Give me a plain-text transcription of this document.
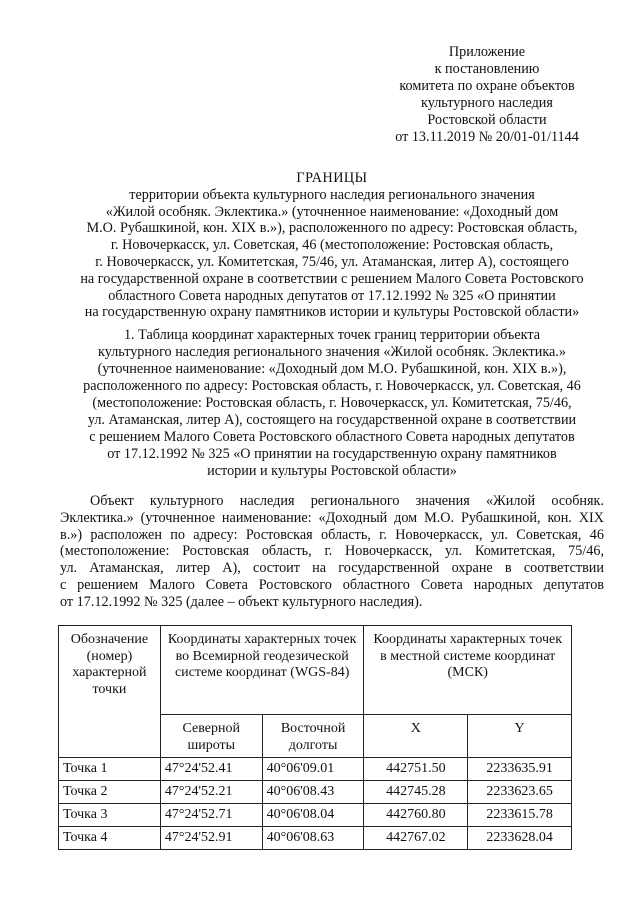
Приложение
к постановлению
комитета по охране объектов
культурного наследия
Ростовской области
от 13.11.2019 № 20/01-01/1144
ГРАНИЦЫ
территории объекта культурного наследия регионального значения
«Жилой особняк. Эклектика.» (уточненное наименование: «Доходный дом
М.О. Рубашкиной, кон. XIX в.»), расположенного по адресу: Ростовская область,
г. Новочеркасск, ул. Советская, 46 (местоположение: Ростовская область,
г. Новочеркасск, ул. Комитетская, 75/46, ул. Атаманская, литер А), состоящего
на государственной охране в соответствии с решением Малого Совета Ростовского
областного Совета народных депутатов от 17.12.1992 № 325 «О принятии
на государственную охрану памятников истории и культуры Ростовской области»
1. Таблица координат характерных точек границ территории объекта
культурного наследия регионального значения «Жилой особняк. Эклектика.»
(уточненное наименование: «Доходный дом М.О. Рубашкиной, кон. XIX в.»),
расположенного по адресу: Ростовская область, г. Новочеркасск, ул. Советская, 46
(местоположение: Ростовская область, г. Новочеркасск, ул. Комитетская, 75/46,
ул. Атаманская, литер А), состоящего на государственной охране в соответствии
с решением Малого Совета Ростовского областного Совета народных депутатов
от 17.12.1992 № 325 «О принятии на государственную охрану памятников
истории и культуры Ростовской области»
Объект культурного наследия регионального значения «Жилой особняк.
Эклектика.» (уточненное наименование: «Доходный дом М.О. Рубашкиной, кон. XIX
в.») расположен по адресу: Ростовская область, г. Новочеркасск, ул. Советская, 46
(местоположение: Ростовская область, г. Новочеркасск, ул. Комитетская, 75/46,
ул. Атаманская, литер А), состоит на государственной охране в соответствии
с решением Малого Совета Ростовского областного Совета народных депутатов
от 17.12.1992 № 325 (далее – объект культурного наследия).
Обозначение (номер) характерной точки	Координаты характерных точек во Всемирной геодезической системе координат (WGS-84)		Координаты характерных точек в местной системе координат (МСК)	
	Северной широты	Восточной долготы	X	Y
Точка 1	47°24'52.41	40°06'09.01	442751.50	2233635.91
Точка 2	47°24'52.21	40°06'08.43	442745.28	2233623.65
Точка 3	47°24'52.71	40°06'08.04	442760.80	2233615.78
Точка 4	47°24'52.91	40°06'08.63	442767.02	2233628.04
